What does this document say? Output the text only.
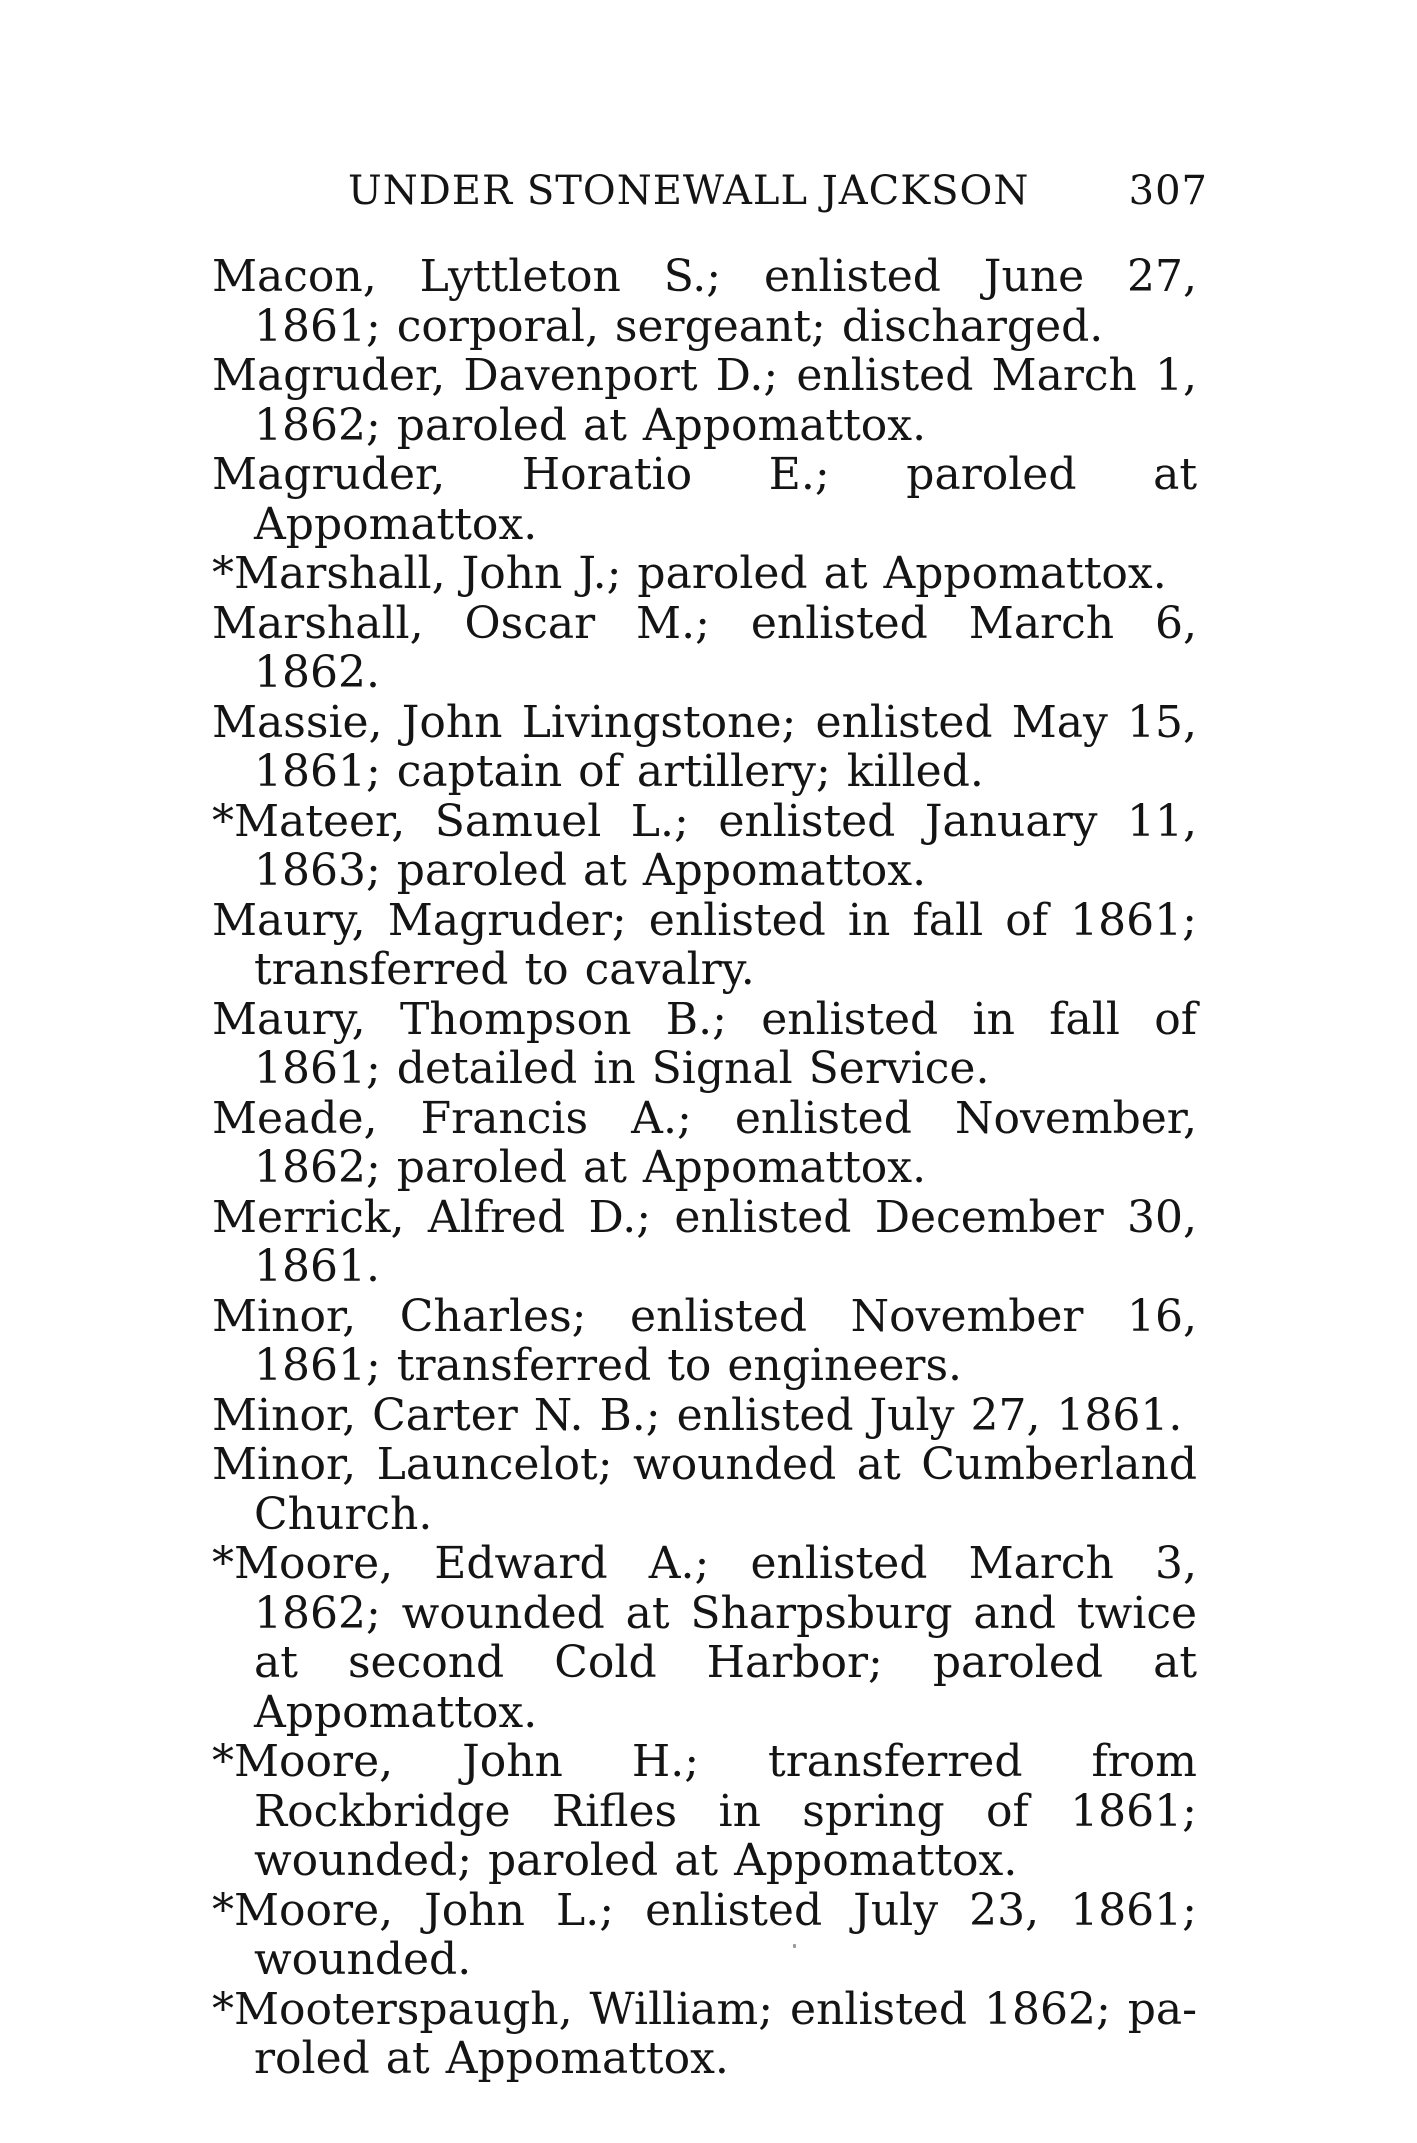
UNDER STONEWALL JACKSON 307
Macon, Lyttleton S.; enlisted June 27, 1861; corporal, sergeant; discharged.
Magruder, Davenport D.; enlisted March 1, 1862; paroled at Appomattox.
Magruder, Horatio E.; paroled at Appomattox.
*Marshall, John J.; paroled at Appomattox.
Marshall, Oscar M.; enlisted March 6, 1862.
Massie, John Livingstone; enlisted May 15, 1861; captain of artillery; killed.
*Mateer, Samuel L.; enlisted January 11, 1863; paroled at Appomattox.
Maury, Magruder; enlisted in fall of 1861; transferred to cavalry.
Maury, Thompson B.; enlisted in fall of 1861; detailed in Signal Service.
Meade, Francis A.; enlisted November, 1862; paroled at Appomattox.
Merrick, Alfred D.; enlisted December 30, 1861.
Minor, Charles; enlisted November 16, 1861; transferred to engineers.
Minor, Carter N. B.; enlisted July 27, 1861.
Minor, Launcelot; wounded at Cumberland Church.
*Moore, Edward A.; enlisted March 3, 1862; wounded at Sharpsburg and twice at second Cold Harbor; paroled at Appomattox.
*Moore, John H.; transferred from Rockbridge Rifles in spring of 1861; wounded; paroled at Appomattox.
*Moore, John L.; enlisted July 23, 1861; wounded.
*Mooterspaugh, William; enlisted 1862; paroled at Appomattox.
